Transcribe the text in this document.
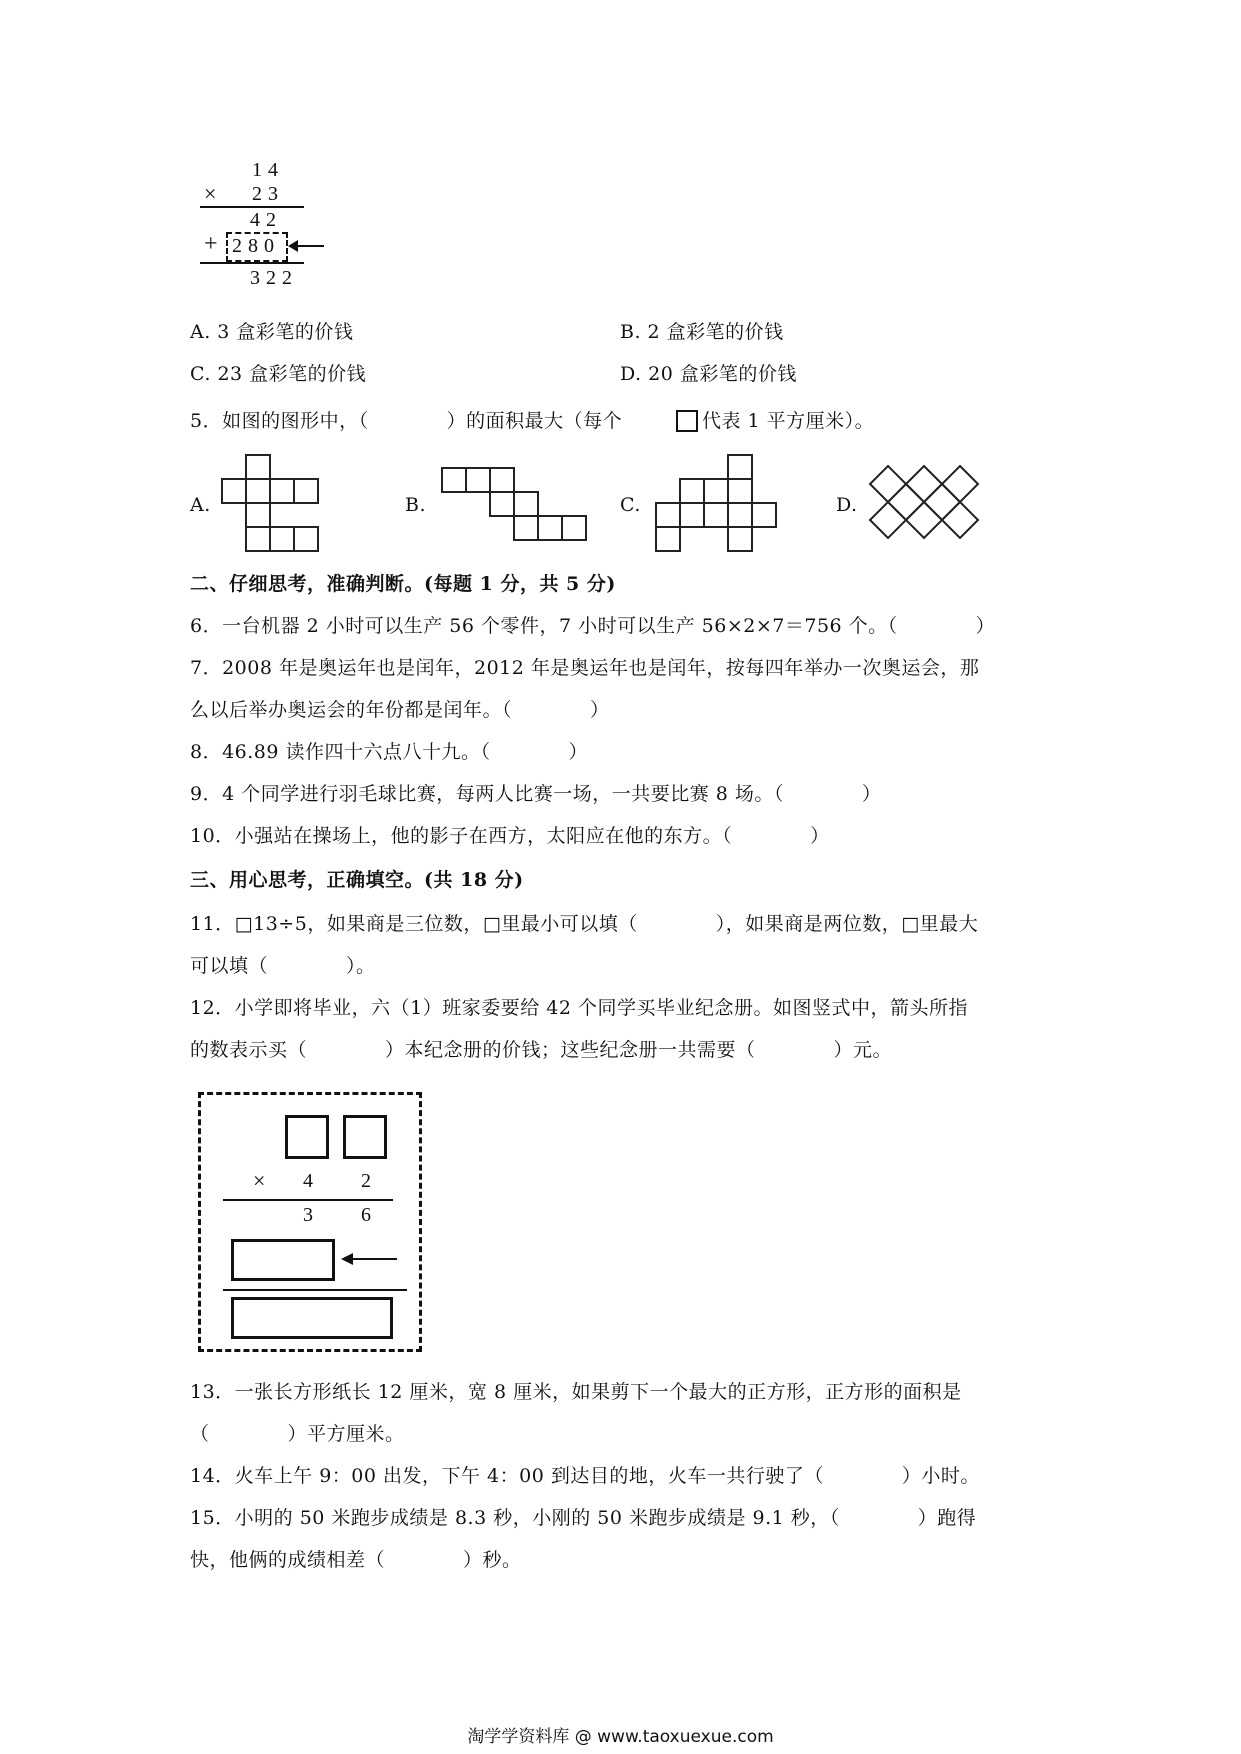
1 4
× 2 3
4 2
+ 2 8 0
3 2 2
A. 3 盒彩笔的价钱	B. 2 盒彩笔的价钱
C. 23 盒彩笔的价钱	D. 20 盒彩笔的价钱
5．如图的图形中，（　　　　）的面积最大（每个	代表 1 平方厘米）。
A.	B.	C.	D.
二、仔细思考，准确判断。(每题 1 分，共 5 分)
6．一台机器 2 小时可以生产 56 个零件，7 小时可以生产 56×2×7＝756 个。（　　　　）
7．2008 年是奥运年也是闰年，2012 年是奥运年也是闰年，按每四年举办一次奥运会，那
么以后举办奥运会的年份都是闰年。（　　　　）
8．46.89 读作四十六点八十九。（　　　　）
9．4 个同学进行羽毛球比赛，每两人比赛一场，一共要比赛 8 场。（　　　　）
10．小强站在操场上，他的影子在西方，太阳应在他的东方。（　　　　）
三、用心思考，正确填空。(共 18 分)
11．□13÷5，如果商是三位数，□里最小可以填（　　　　），如果商是两位数，□里最大
可以填（　　　　）。
12．小学即将毕业，六（1）班家委要给 42 个同学买毕业纪念册。如图竖式中，箭头所指
的数表示买（　　　　）本纪念册的价钱；这些纪念册一共需要（　　　　）元。
× 4 2
3 6
13．一张长方形纸长 12 厘米，宽 8 厘米，如果剪下一个最大的正方形，正方形的面积是
（　　　　）平方厘米。
14．火车上午 9：00 出发，下午 4：00 到达目的地，火车一共行驶了（　　　　）小时。
15．小明的 50 米跑步成绩是 8.3 秒，小刚的 50 米跑步成绩是 9.1 秒，（　　　　）跑得
快，他俩的成绩相差（　　　　）秒。
淘学学资料库 @ www.taoxuexue.com
